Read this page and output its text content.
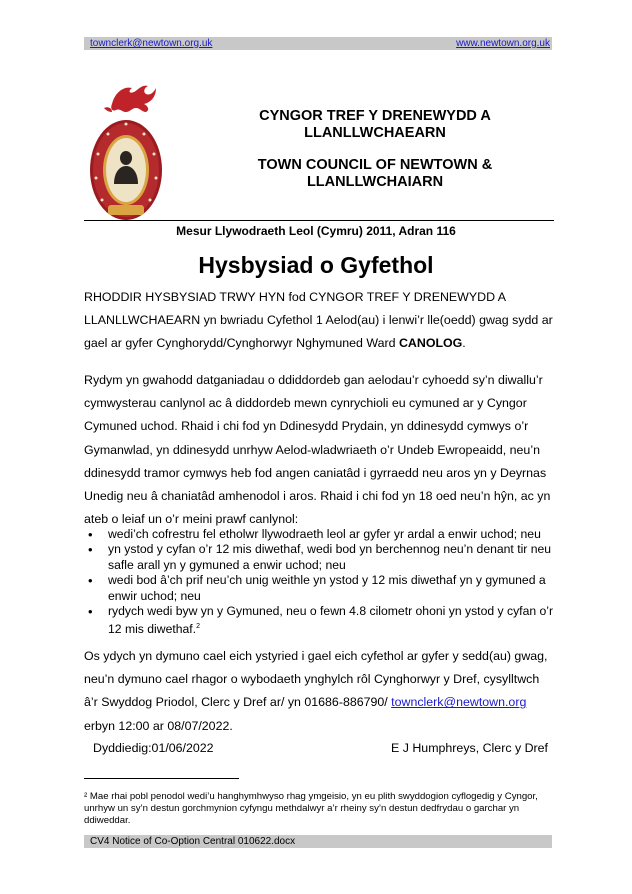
townclerk@newtown.org.uk	www.newtown.org.uk
CYNGOR TREF Y DRENEWYDD A
LLANLLWCHAEARN
TOWN COUNCIL OF NEWTOWN &
LLANLLWCHAIARN
Mesur Llywodraeth Leol (Cymru) 2011, Adran 116
Hysbysiad o Gyfethol

RHODDIR HYSBYSIAD TRWY HYN fod CYNGOR TREF Y DRENEWYDD A LLANLLWCHAEARN yn bwriadu Cyfethol 1 Aelod(au) i lenwi’r lle(oedd) gwag sydd ar gael ar gyfer Cynghorydd/Cynghorwyr Nghymuned Ward CANOLOG.

Rydym yn gwahodd datganiadau o ddiddordeb gan aelodau’r cyhoedd sy’n diwallu’r cymwysterau canlynol ac â diddordeb mewn cynrychioli eu cymuned ar y Cyngor Cymuned uchod. Rhaid i chi fod yn Ddinesydd Prydain, yn ddinesydd cymwys o’r Gymanwlad, yn ddinesydd unrhyw Aelod-wladwriaeth o’r Undeb Ewropeaidd, neu’n ddinesydd tramor cymwys heb fod angen caniatâd i gyrraedd neu aros yn y Deyrnas Unedig neu â chaniatâd amhenodol i aros. Rhaid i chi fod yn 18 oed neu’n hŷn, ac yn ateb o leiaf un o’r meini prawf canlynol:

• wedi’ch cofrestru fel etholwr llywodraeth leol ar gyfer yr ardal a enwir uchod; neu
• yn ystod y cyfan o’r 12 mis diwethaf, wedi bod yn berchennog neu’n denant tir neu safle arall yn y gymuned a enwir uchod; neu
• wedi bod â’ch prif neu’ch unig weithle yn ystod y 12 mis diwethaf yn y gymuned a enwir uchod; neu
• rydych wedi byw yn y Gymuned, neu o fewn 4.8 cilometr ohoni yn ystod y cyfan o’r 12 mis diwethaf.$^2$

Os ydych yn dymuno cael eich ystyried i gael eich cyfethol ar gyfer y sedd(au) gwag, neu’n dymuno cael rhagor o wybodaeth ynghylch rôl Cynghorwyr y Dref, cysylltwch â’r Swyddog Priodol, Clerc y Dref ar/ yn 01686-886790/ townclerk@newtown.org erbyn 12:00 ar 08/07/2022.

Dyddiedig:01/06/2022	E J Humphreys, Clerc y Dref
² Mae rhai pobl penodol wedi’u hanghymhwyso rhag ymgeisio, yn eu plith swyddogion cyflogedig y Cyngor, unrhyw un sy’n destun gorchmynion cyfyngu methdalwyr a’r rheiny sy’n destun dedfrydau o garchar yn ddiweddar.
CV4 Notice of Co-Option Central 010622.docx
